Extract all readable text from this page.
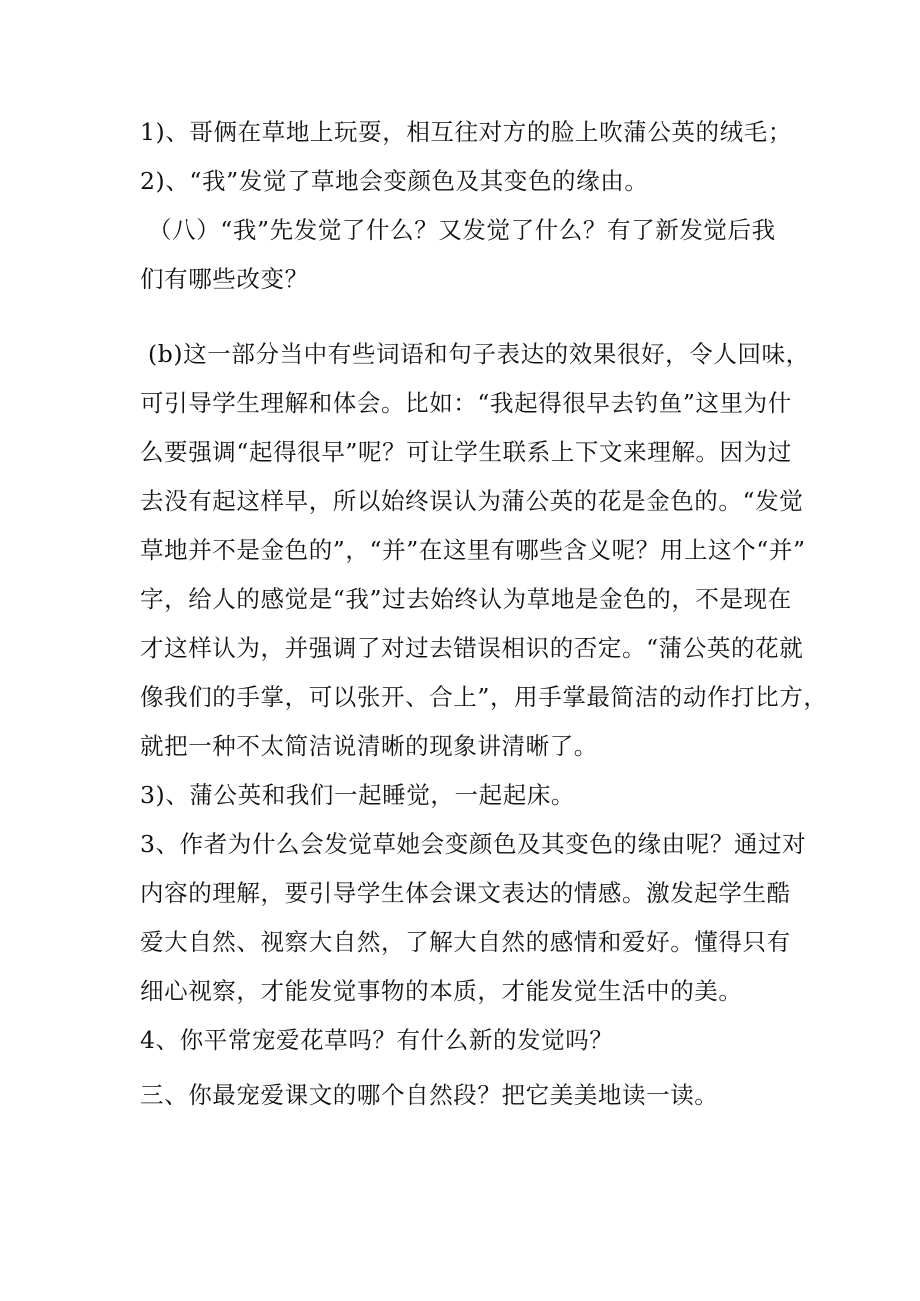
1)、哥俩在草地上玩耍，相互往对方的脸上吹蒲公英的绒毛；
2)、“我”发觉了草地会变颜色及其变色的缘由。
（八）“我”先发觉了什么？又发觉了什么？有了新发觉后我
们有哪些改变？
(b)这一部分当中有些词语和句子表达的效果很好，令人回味，
可引导学生理解和体会。比如：“我起得很早去钓鱼”这里为什
么要强调“起得很早”呢？可让学生联系上下文来理解。因为过
去没有起这样早，所以始终误认为蒲公英的花是金色的。“发觉
草地并不是金色的”，“并”在这里有哪些含义呢？用上这个“并”
字，给人的感觉是“我”过去始终认为草地是金色的，不是现在
才这样认为，并强调了对过去错误相识的否定。“蒲公英的花就
像我们的手掌，可以张开、合上”，用手掌最简洁的动作打比方，
就把一种不太简洁说清晰的现象讲清晰了。
3)、蒲公英和我们一起睡觉，一起起床。
3、作者为什么会发觉草她会变颜色及其变色的缘由呢？通过对
内容的理解，要引导学生体会课文表达的情感。激发起学生酷
爱大自然、视察大自然，了解大自然的感情和爱好。懂得只有
细心视察，才能发觉事物的本质，才能发觉生活中的美。
4、你平常宠爱花草吗？有什么新的发觉吗？
三、你最宠爱课文的哪个自然段？把它美美地读一读。
